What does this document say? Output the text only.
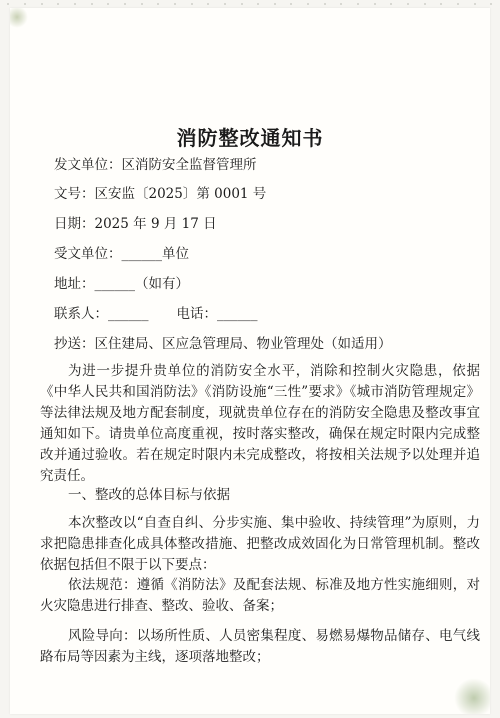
消防整改通知书
发文单位：区消防安全监督管理所
文号：区安监〔2025〕第 0001 号
日期：2025 年 9 月 17 日
受文单位：______单位
地址：______（如有）
联系人：______ 电话：______
抄送：区住建局、区应急管理局、物业管理处（如适用）
为进一步提升贵单位的消防安全水平，消除和控制火灾隐患，依据《中华人民共和国消防法》《消防设施“三性”要求》《城市消防管理规定》等法律法规及地方配套制度，现就贵单位存在的消防安全隐患及整改事宜通知如下。请贵单位高度重视，按时落实整改，确保在规定时限内完成整改并通过验收。若在规定时限内未完成整改，将按相关法规予以处理并追究责任。
一、整改的总体目标与依据
本次整改以“自查自纠、分步实施、集中验收、持续管理”为原则，力求把隐患排查化成具体整改措施、把整改成效固化为日常管理机制。整改依据包括但不限于以下要点：
依法规范：遵循《消防法》及配套法规、标准及地方性实施细则，对火灾隐患进行排查、整改、验收、备案；
风险导向：以场所性质、人员密集程度、易燃易爆物品储存、电气线路布局等因素为主线，逐项落地整改；
